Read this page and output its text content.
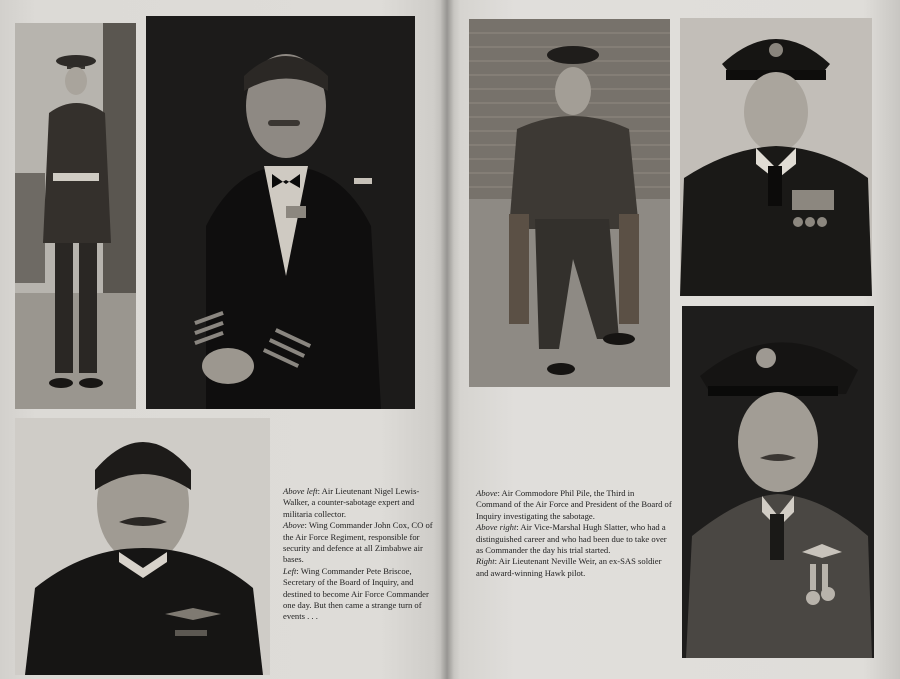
Above left: Air Lieutenant Nigel Lewis-Walker, a counter-sabotage expert and militaria collector.

Above: Wing Commander John Cox, CO of the Air Force Regiment, responsible for security and defence at all Zimbabwe air bases.

Left: Wing Commander Pete Briscoe, Secretary of the Board of Inquiry, and destined to become Air Force Commander one day. But then came a strange turn of events . . .

Above: Air Commodore Phil Pile, the Third in Command of the Air Force and President of the Board of Inquiry investigating the sabotage.

Above right: Air Vice-Marshal Hugh Slatter, who had a distinguished career and who had been due to take over as Commander the day his trial started.

Right: Air Lieutenant Neville Weir, an ex-SAS soldier and award-winning Hawk pilot.
